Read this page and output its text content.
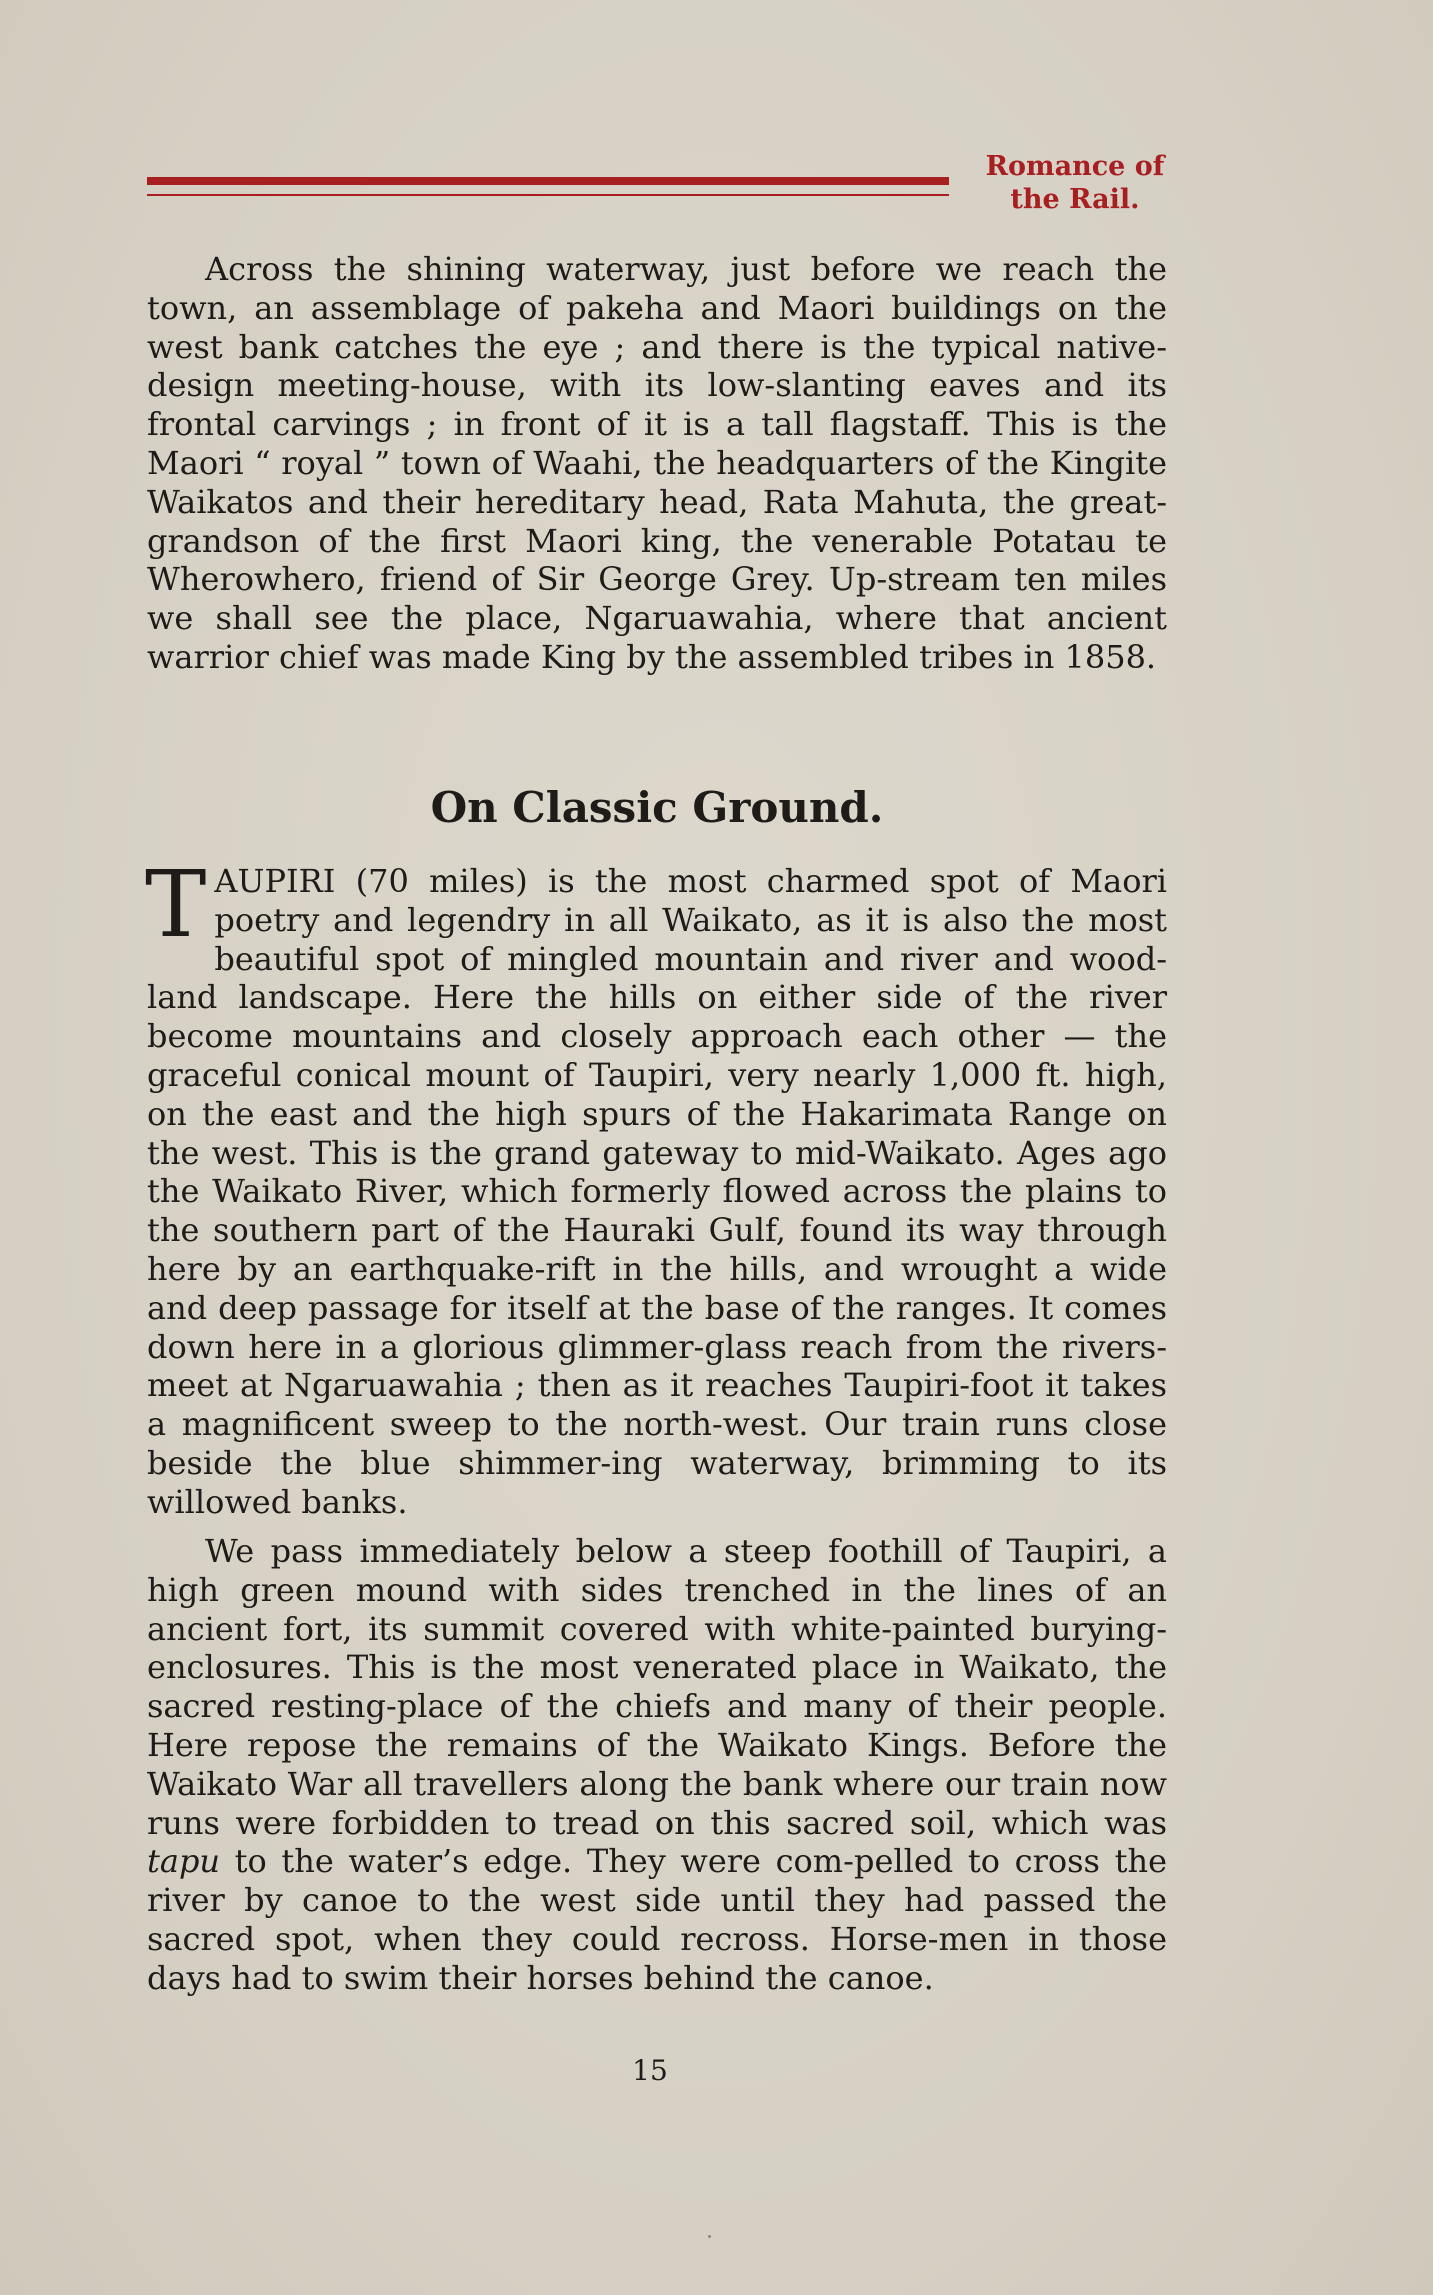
Romance of
the Rail.

Across the shining waterway, just before we reach the town, an assemblage of pakeha and Maori buildings on the west bank catches the eye ; and there is the typical native-design meeting-house, with its low-slanting eaves and its frontal carvings ; in front of it is a tall flagstaff. This is the Maori “ royal ” town of Waahi, the headquarters of the Kingite Waikatos and their hereditary head, Rata Mahuta, the great-grandson of the first Maori king, the venerable Potatau te Wherowhero, friend of Sir George Grey. Up-stream ten miles we shall see the place, Ngaruawahia, where that ancient warrior chief was made King by the assembled tribes in 1858.

On Classic Ground.

TAUPIRI (70 miles) is the most charmed spot of Maori poetry and legendry in all Waikato, as it is also the most beautiful spot of mingled mountain and river and wood-land landscape. Here the hills on either side of the river become mountains and closely approach each other — the graceful conical mount of Taupiri, very nearly 1,000 ft. high, on the east and the high spurs of the Hakarimata Range on the west. This is the grand gateway to mid-Waikato. Ages ago the Waikato River, which formerly flowed across the plains to the southern part of the Hauraki Gulf, found its way through here by an earthquake-rift in the hills, and wrought a wide and deep passage for itself at the base of the ranges. It comes down here in a glorious glimmer-glass reach from the rivers-meet at Ngaruawahia ; then as it reaches Taupiri-foot it takes a magnificent sweep to the north-west. Our train runs close beside the blue shimmer-ing waterway, brimming to its willowed banks.

We pass immediately below a steep foothill of Taupiri, a high green mound with sides trenched in the lines of an ancient fort, its summit covered with white-painted burying-enclosures. This is the most venerated place in Waikato, the sacred resting-place of the chiefs and many of their people. Here repose the remains of the Waikato Kings. Before the Waikato War all travellers along the bank where our train now runs were forbidden to tread on this sacred soil, which was tapu to the water’s edge. They were com-pelled to cross the river by canoe to the west side until they had passed the sacred spot, when they could recross. Horse-men in those days had to swim their horses behind the canoe.

15
